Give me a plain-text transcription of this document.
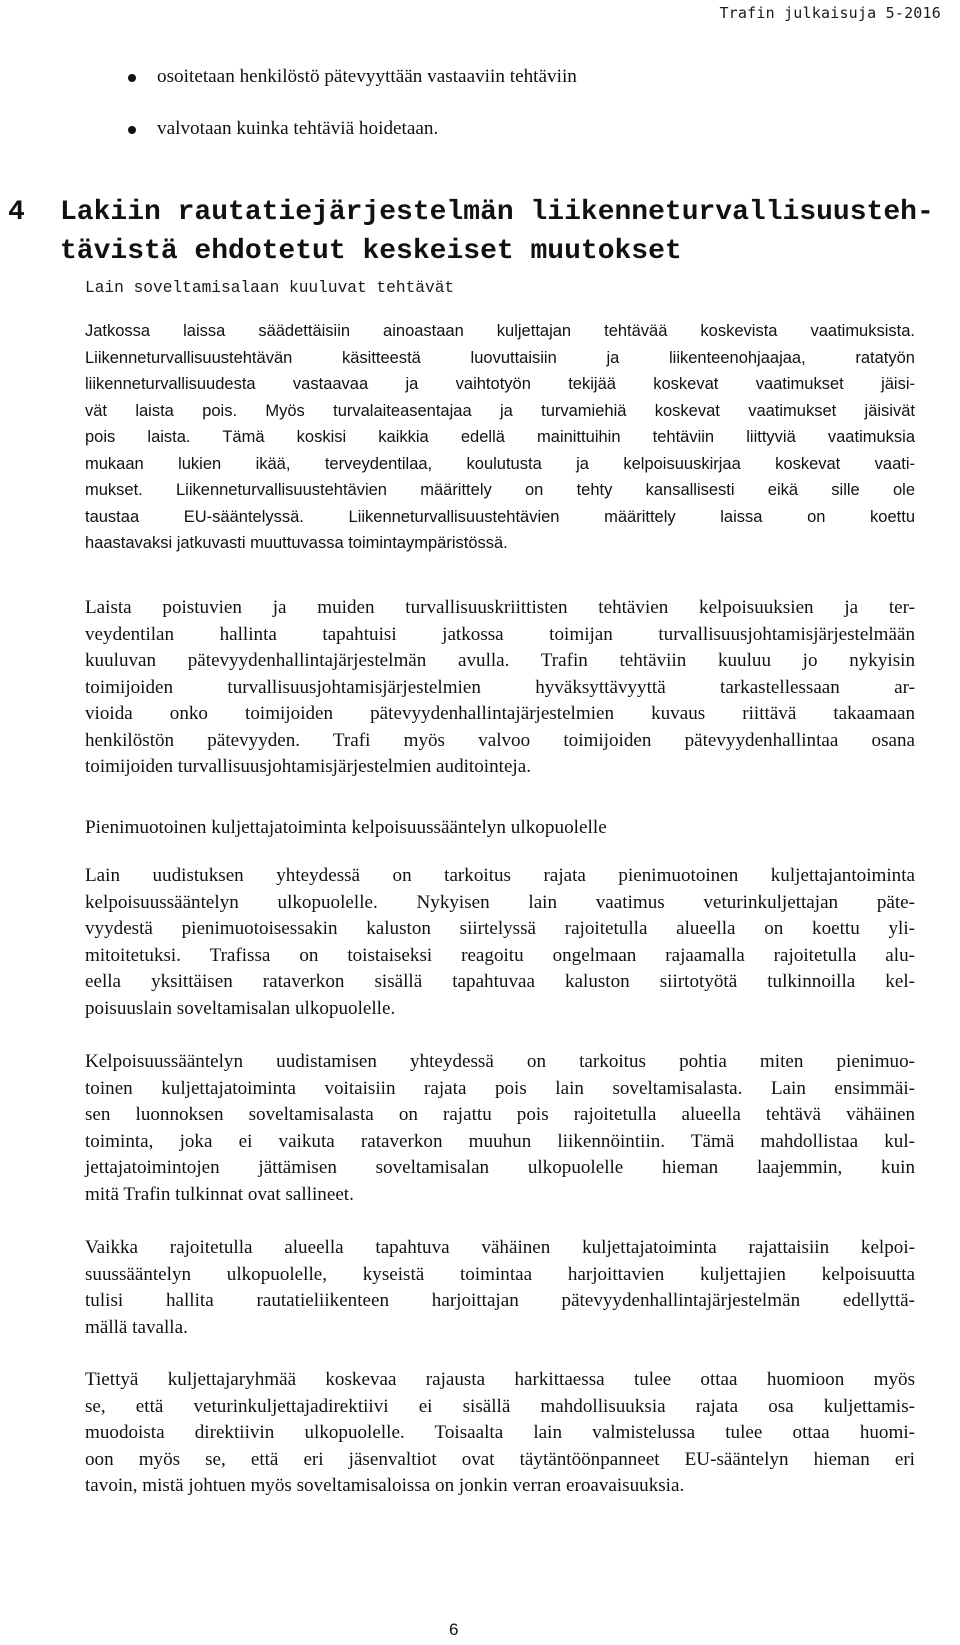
Trafin julkaisuja 5-2016
osoitetaan henkilöstö pätevyyttään vastaaviin tehtäviin
valvotaan kuinka tehtäviä hoidetaan.
4 Lakiin rautatiejärjestelmän liikenneturvallisuusteh-
tävistä ehdotetut keskeiset muutokset
Lain soveltamisalaan kuuluvat tehtävät
Jatkossa laissa säädettäisiin ainoastaan kuljettajan tehtävää koskevista vaatimuksista.
Liikenneturvallisuustehtävän käsitteestä luovuttaisiin ja liikenteenohjaajaa, ratatyön
liikenneturvallisuudesta vastaavaa ja vaihtotyön tekijää koskevat vaatimukset jäisi-
vät laista pois. Myös turvalaiteasentajaa ja turvamiehiä koskevat vaatimukset jäisivät
pois laista. Tämä koskisi kaikkia edellä mainittuihin tehtäviin liittyviä vaatimuksia
mukaan lukien ikää, terveydentilaa, koulutusta ja kelpoisuuskirjaa koskevat vaati-
mukset. Liikenneturvallisuustehtävien määrittely on tehty kansallisesti eikä sille ole
taustaa EU-sääntelyssä. Liikenneturvallisuustehtävien määrittely laissa on koettu
haastavaksi jatkuvasti muuttuvassa toimintaympäristössä.
Laista poistuvien ja muiden turvallisuuskriittisten tehtävien kelpoisuuksien ja ter-
veydentilan hallinta tapahtuisi jatkossa toimijan turvallisuusjohtamisjärjestelmään
kuuluvan pätevyydenhallintajärjestelmän avulla. Trafin tehtäviin kuuluu jo nykyisin
toimijoiden turvallisuusjohtamisjärjestelmien hyväksyttävyyttä tarkastellessaan ar-
vioida onko toimijoiden pätevyydenhallintajärjestelmien kuvaus riittävä takaamaan
henkilöstön pätevyyden. Trafi myös valvoo toimijoiden pätevyydenhallintaa osana
toimijoiden turvallisuusjohtamisjärjestelmien auditointeja.
Pienimuotoinen kuljettajatoiminta kelpoisuussääntelyn ulkopuolelle
Lain uudistuksen yhteydessä on tarkoitus rajata pienimuotoinen kuljettajantoiminta
kelpoisuussääntelyn ulkopuolelle. Nykyisen lain vaatimus veturinkuljettajan päte-
vyydestä pienimuotoisessakin kaluston siirtelyssä rajoitetulla alueella on koettu yli-
mitoitetuksi. Trafissa on toistaiseksi reagoitu ongelmaan rajaamalla rajoitetulla alu-
eella yksittäisen rataverkon sisällä tapahtuvaa kaluston siirtotyötä tulkinnoilla kel-
poisuuslain soveltamisalan ulkopuolelle.
Kelpoisuussääntelyn uudistamisen yhteydessä on tarkoitus pohtia miten pienimuo-
toinen kuljettajatoiminta voitaisiin rajata pois lain soveltamisalasta. Lain ensimmäi-
sen luonnoksen soveltamisalasta on rajattu pois rajoitetulla alueella tehtävä vähäinen
toiminta, joka ei vaikuta rataverkon muuhun liikennöintiin. Tämä mahdollistaa kul-
jettajatoimintojen jättämisen soveltamisalan ulkopuolelle hieman laajemmin, kuin
mitä Trafin tulkinnat ovat sallineet.
Vaikka rajoitetulla alueella tapahtuva vähäinen kuljettajatoiminta rajattaisiin kelpoi-
suussääntelyn ulkopuolelle, kyseistä toimintaa harjoittavien kuljettajien kelpoisuutta
tulisi hallita rautatieliikenteen harjoittajan pätevyydenhallintajärjestelmän edellyttä-
mällä tavalla.
Tiettyä kuljettajaryhmää koskevaa rajausta harkittaessa tulee ottaa huomioon myös
se, että veturinkuljettajadirektiivi ei sisällä mahdollisuuksia rajata osa kuljettamis-
muodoista direktiivin ulkopuolelle. Toisaalta lain valmistelussa tulee ottaa huomi-
oon myös se, että eri jäsenvaltiot ovat täytäntöönpanneet EU-sääntelyn hieman eri
tavoin, mistä johtuen myös soveltamisaloissa on jonkin verran eroavaisuuksia.
6
